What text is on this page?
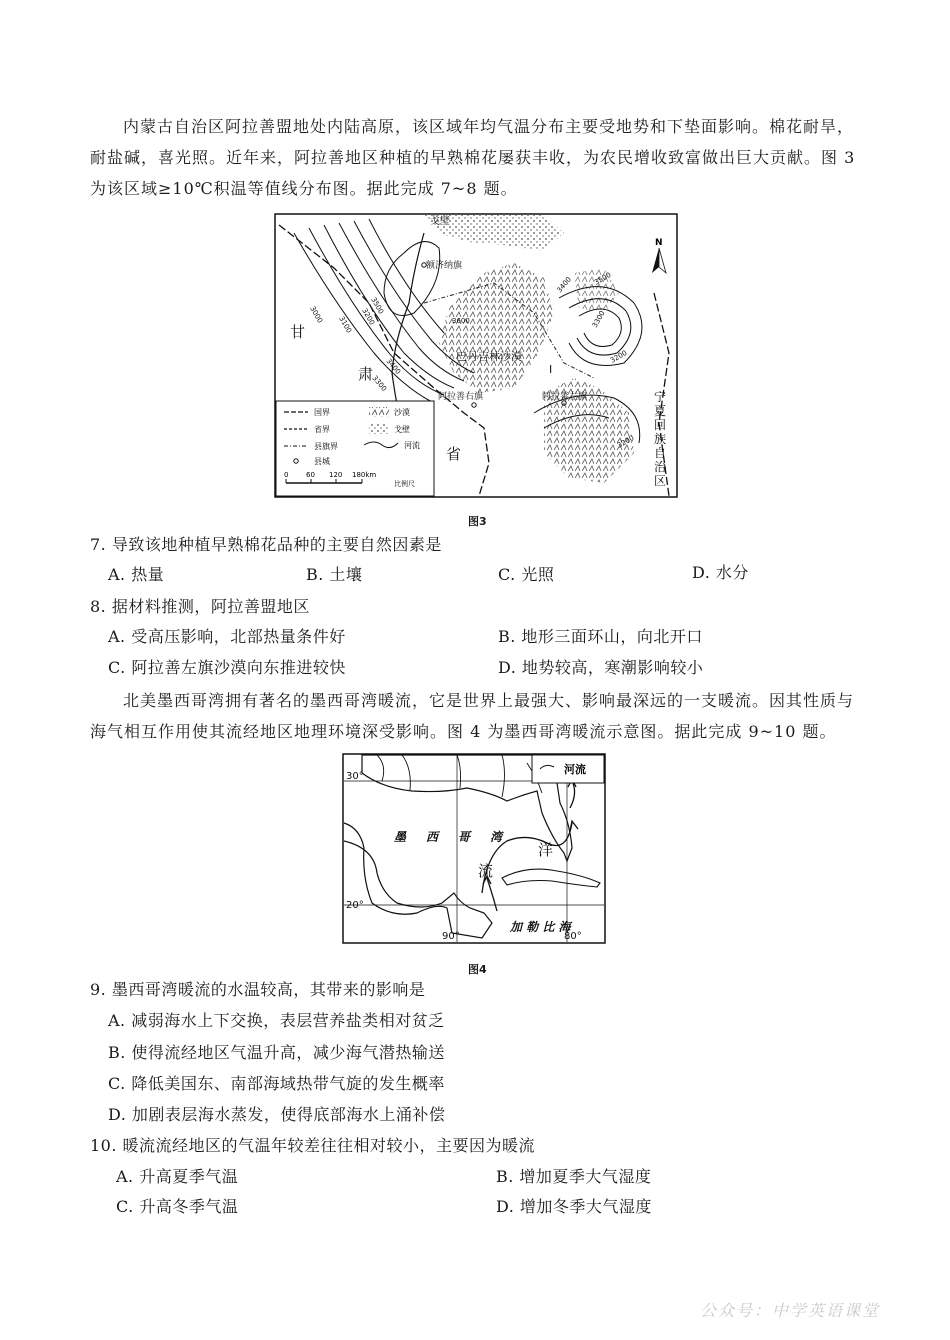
内蒙古自治区阿拉善盟地处内陆高原，该区域年均气温分布主要受地势和下垫面影响。棉花耐旱，耐盐碱，喜光照。近年来，阿拉善地区种植的早熟棉花屡获丰收，为农民增收致富做出巨大贡献。图 3 为该区域≥10℃积温等值线分布图。据此完成 7~8 题。
3000
3100 3200
3500
3400
3300
3600
3400	3500
3300
3200
3200
戈壁
额济纳旗
巴丹吉林沙漠
I
阿拉善右旗	阿拉善左旗
甘
肃
省
宁
夏
回
族
自
治
区
N
国界
省界
县旗界
县城
沙漠
戈壁
河流
0	60 120 180km
比例尺
图3
7. 导致该地种植早熟棉花品种的主要自然因素是
A. 热量	B. 土壤	C. 光照	D. 水分
8. 据材料推测，阿拉善盟地区
A. 受高压影响，北部热量条件好	B. 地形三面环山，向北开口
C. 阿拉善左旗沙漠向东推进较快	D. 地势较高，寒潮影响较小
北美墨西哥湾拥有著名的墨西哥湾暖流，它是世界上最强大、影响最深远的一支暖流。因其性质与海气相互作用使其流经地区地理环境深受影响。图 4 为墨西哥湾暖流示意图。据此完成 9~10 题。
河流
30°
20°
90°	80°
墨 西 哥 湾
流
洋
加 勒 比 海
图4
9. 墨西哥湾暖流的水温较高，其带来的影响是
A. 减弱海水上下交换，表层营养盐类相对贫乏
B. 使得流经地区气温升高，减少海气潜热输送
C. 降低美国东、南部海域热带气旋的发生概率
D. 加剧表层海水蒸发，使得底部海水上涌补偿
10. 暖流流经地区的气温年较差往往相对较小，主要因为暖流
A. 升高夏季气温	B. 增加夏季大气湿度
C. 升高冬季气温	D. 增加冬季大气湿度
公众号：中学英语课堂
